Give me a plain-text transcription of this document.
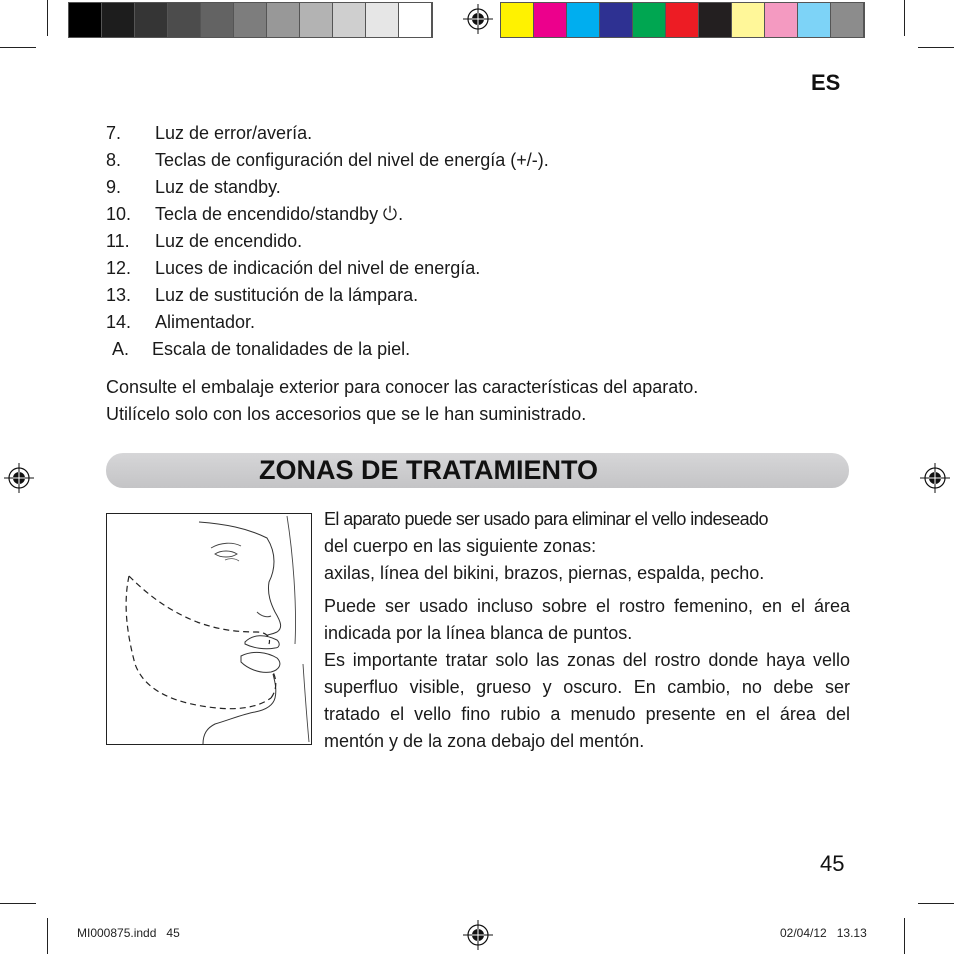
ES
7. Luz de error/avería.
8. Teclas de configuración del nivel de energía (+/-).
9. Luz de standby.
10. Tecla de encendido/standby .
11. Luz de encendido.
12. Luces de indicación del nivel de energía.
13. Luz de sustitución de la lámpara.
14. Alimentador.
A. Escala de tonalidades de la piel.
Consulte el embalaje exterior para conocer las características del aparato.
Utilícelo solo con los accesorios que se le han suministrado.
ZONAS DE TRATAMIENTO

El aparato puede ser usado para eliminar el vello indeseado

del cuerpo en las siguiente zonas:

axilas, línea del bikini, brazos, piernas, espalda, pecho.

Puede ser usado incluso sobre el rostro femenino, en el área indicada por la línea blanca de puntos.

Es importante tratar solo las zonas del rostro donde haya vello superfluo visible, grueso y oscuro. En cambio, no debe ser tratado el vello fino rubio a menudo presente en el área del mentón y de la zona debajo del mentón.

45
MI000875.indd 45	02/04/12 13.13
